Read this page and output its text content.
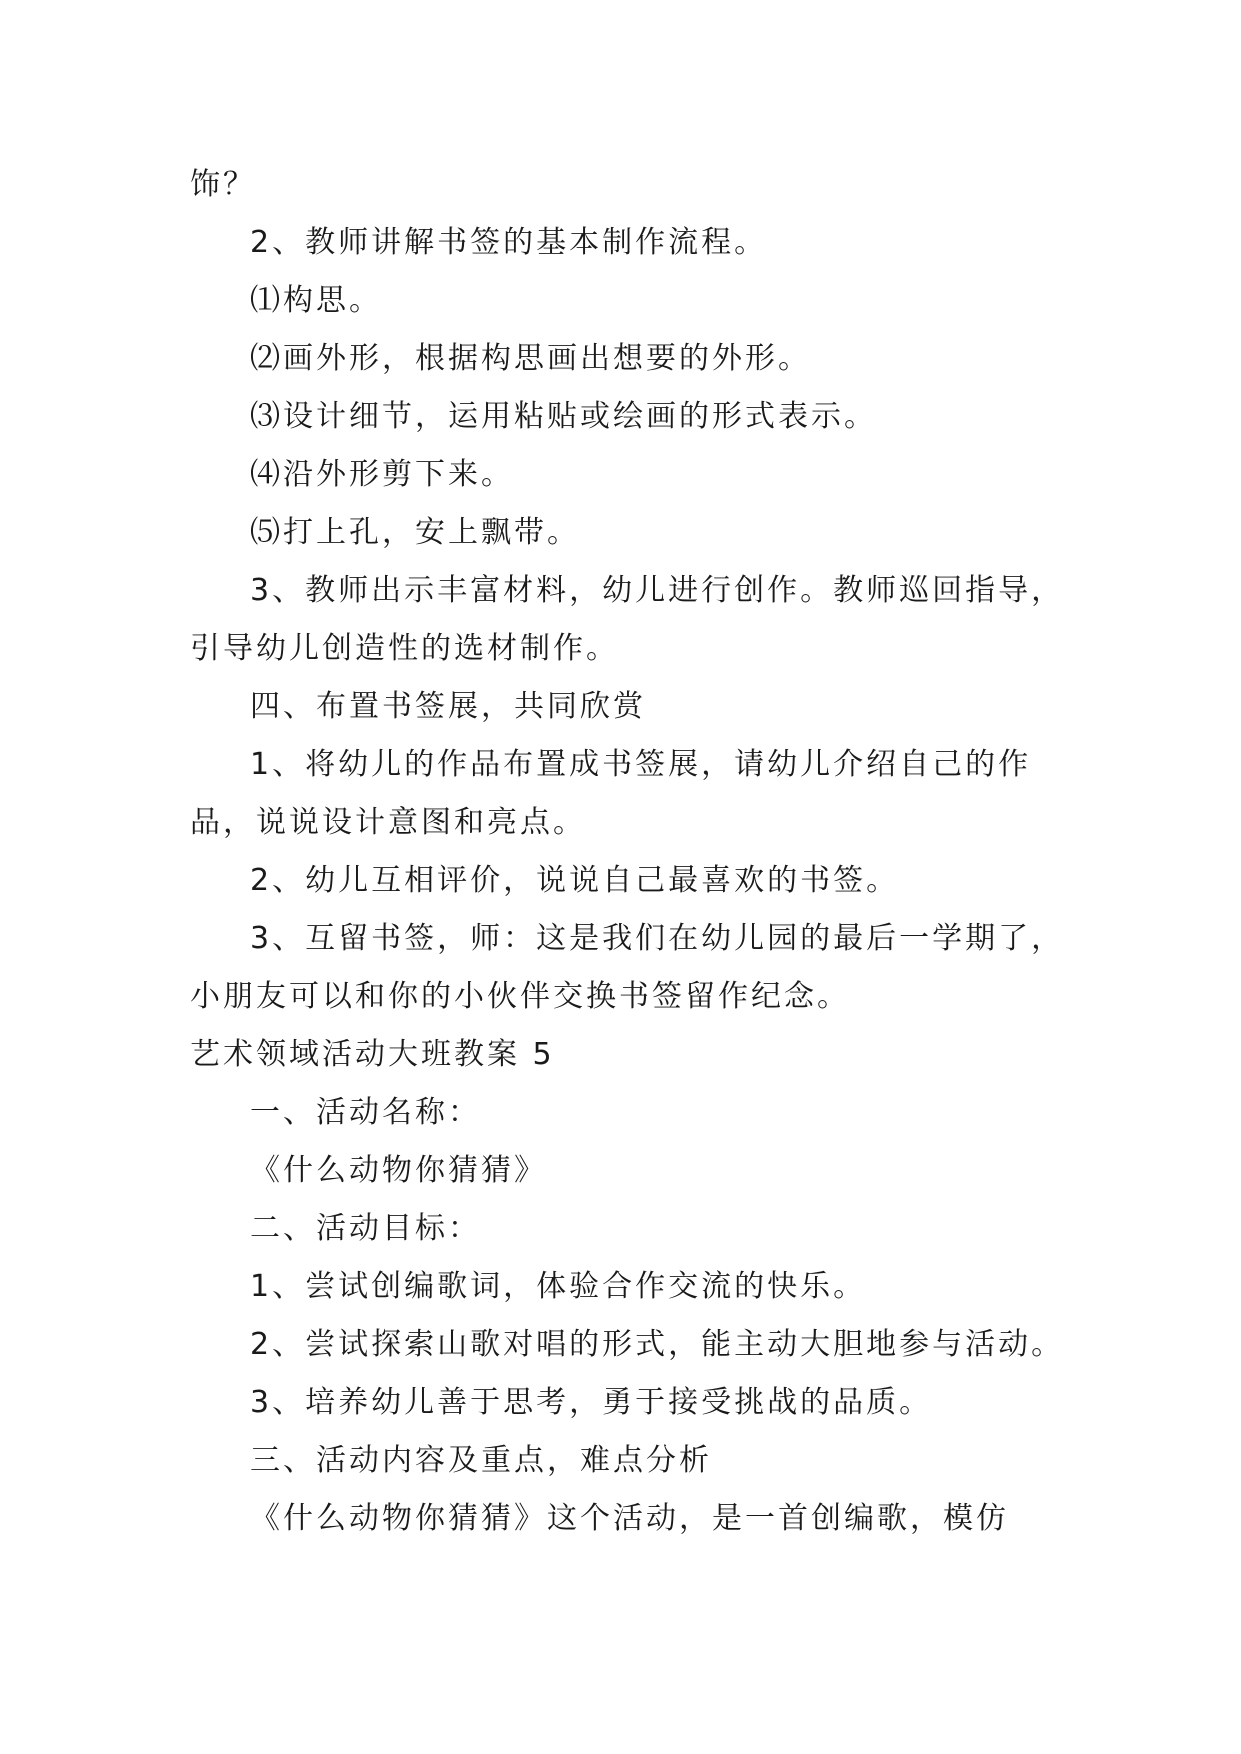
饰？
2、教师讲解书签的基本制作流程。
⑴构思。
⑵画外形，根据构思画出想要的外形。
⑶设计细节，运用粘贴或绘画的形式表示。
⑷沿外形剪下来。
⑸打上孔，安上飘带。
3、教师出示丰富材料，幼儿进行创作。教师巡回指导，
引导幼儿创造性的选材制作。
四、布置书签展，共同欣赏
1、将幼儿的作品布置成书签展，请幼儿介绍自己的作
品，说说设计意图和亮点。
2、幼儿互相评价，说说自己最喜欢的书签。
3、互留书签，师：这是我们在幼儿园的最后一学期了，
小朋友可以和你的小伙伴交换书签留作纪念。
艺术领域活动大班教案 5
一、活动名称：
《什么动物你猜猜》
二、活动目标：
1、尝试创编歌词，体验合作交流的快乐。
2、尝试探索山歌对唱的形式，能主动大胆地参与活动。
3、培养幼儿善于思考，勇于接受挑战的品质。
三、活动内容及重点，难点分析
《什么动物你猜猜》这个活动，是一首创编歌，模仿
